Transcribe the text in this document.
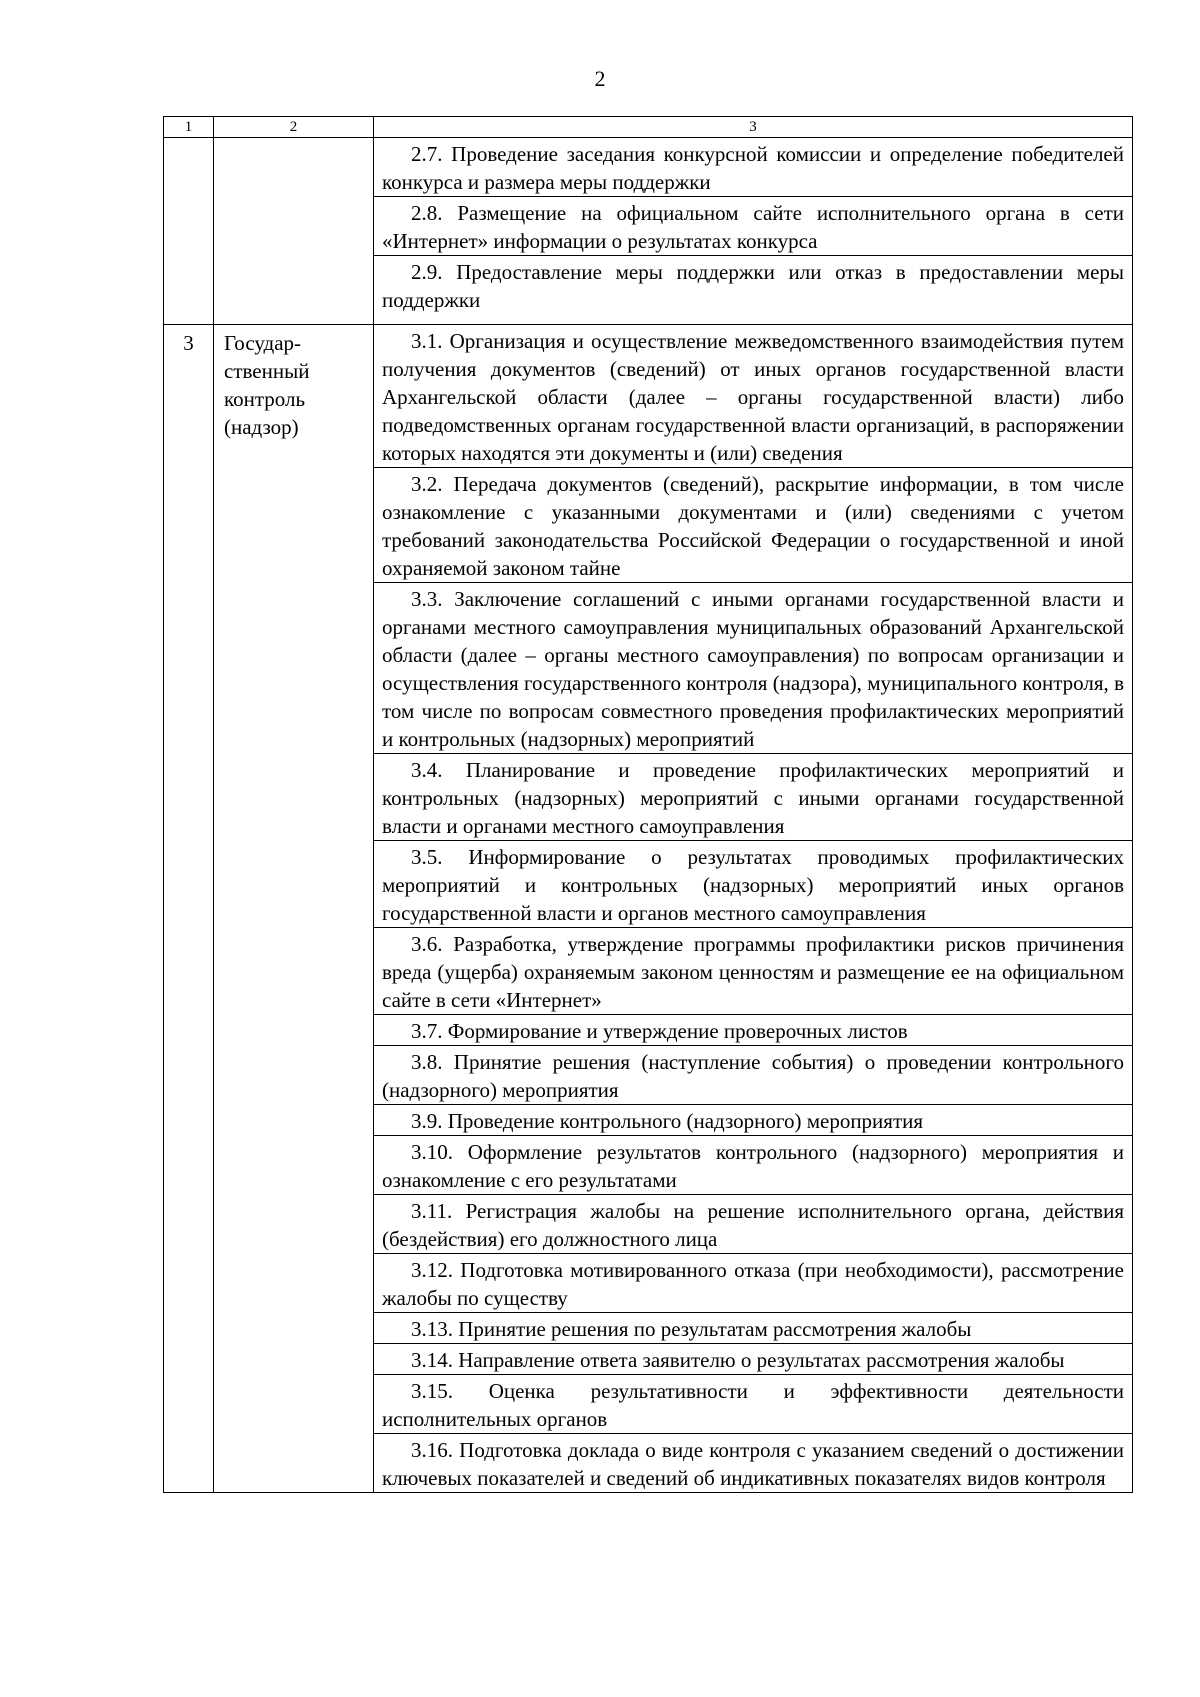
2
1	2	3
		2.7. Проведение заседания конкурсной комиссии и определение победителей конкурса и размера меры поддержки
		2.8. Размещение на официальном сайте исполнительного органа в сети «Интернет» информации о результатах конкурса
		2.9. Предоставление меры поддержки или отказ в предоставлении меры поддержки
3	Государ-ственный контроль (надзор)	3.1. Организация и осуществление межведомственного взаимодействия путем получения документов (сведений) от иных органов государственной власти Архангельской области (далее – органы государственной власти) либо подведомственных органам государственной власти организаций, в распоряжении которых находятся эти документы и (или) сведения
		3.2. Передача документов (сведений), раскрытие информации, в том числе ознакомление с указанными документами и (или) сведениями с учетом требований законодательства Российской Федерации о государственной и иной охраняемой законом тайне
		3.3. Заключение соглашений с иными органами государственной власти и органами местного самоуправления муниципальных образований Архангельской области (далее – органы местного самоуправления) по вопросам организации и осуществления государственного контроля (надзора), муниципального контроля, в том числе по вопросам совместного проведения профилактических мероприятий и контрольных (надзорных) мероприятий
		3.4. Планирование и проведение профилактических мероприятий и контрольных (надзорных) мероприятий с иными органами государственной власти и органами местного самоуправления
		3.5. Информирование о результатах проводимых профилактических мероприятий и контрольных (надзорных) мероприятий иных органов государственной власти и органов местного самоуправления
		3.6. Разработка, утверждение программы профилактики рисков причинения вреда (ущерба) охраняемым законом ценностям и размещение ее на официальном сайте в сети «Интернет»
		3.7. Формирование и утверждение проверочных листов
		3.8. Принятие решения (наступление события) о проведении контрольного (надзорного) мероприятия
		3.9. Проведение контрольного (надзорного) мероприятия
		3.10. Оформление результатов контрольного (надзорного) мероприятия и ознакомление с его результатами
		3.11. Регистрация жалобы на решение исполнительного органа, действия (бездействия) его должностного лица
		3.12. Подготовка мотивированного отказа (при необходимости), рассмотрение жалобы по существу
		3.13. Принятие решения по результатам рассмотрения жалобы
		3.14. Направление ответа заявителю о результатах рассмотрения жалобы
		3.15. Оценка результативности и эффективности деятельности исполнительных органов
		3.16. Подготовка доклада о виде контроля с указанием сведений о достижении ключевых показателей и сведений об индикативных показателях видов контроля
